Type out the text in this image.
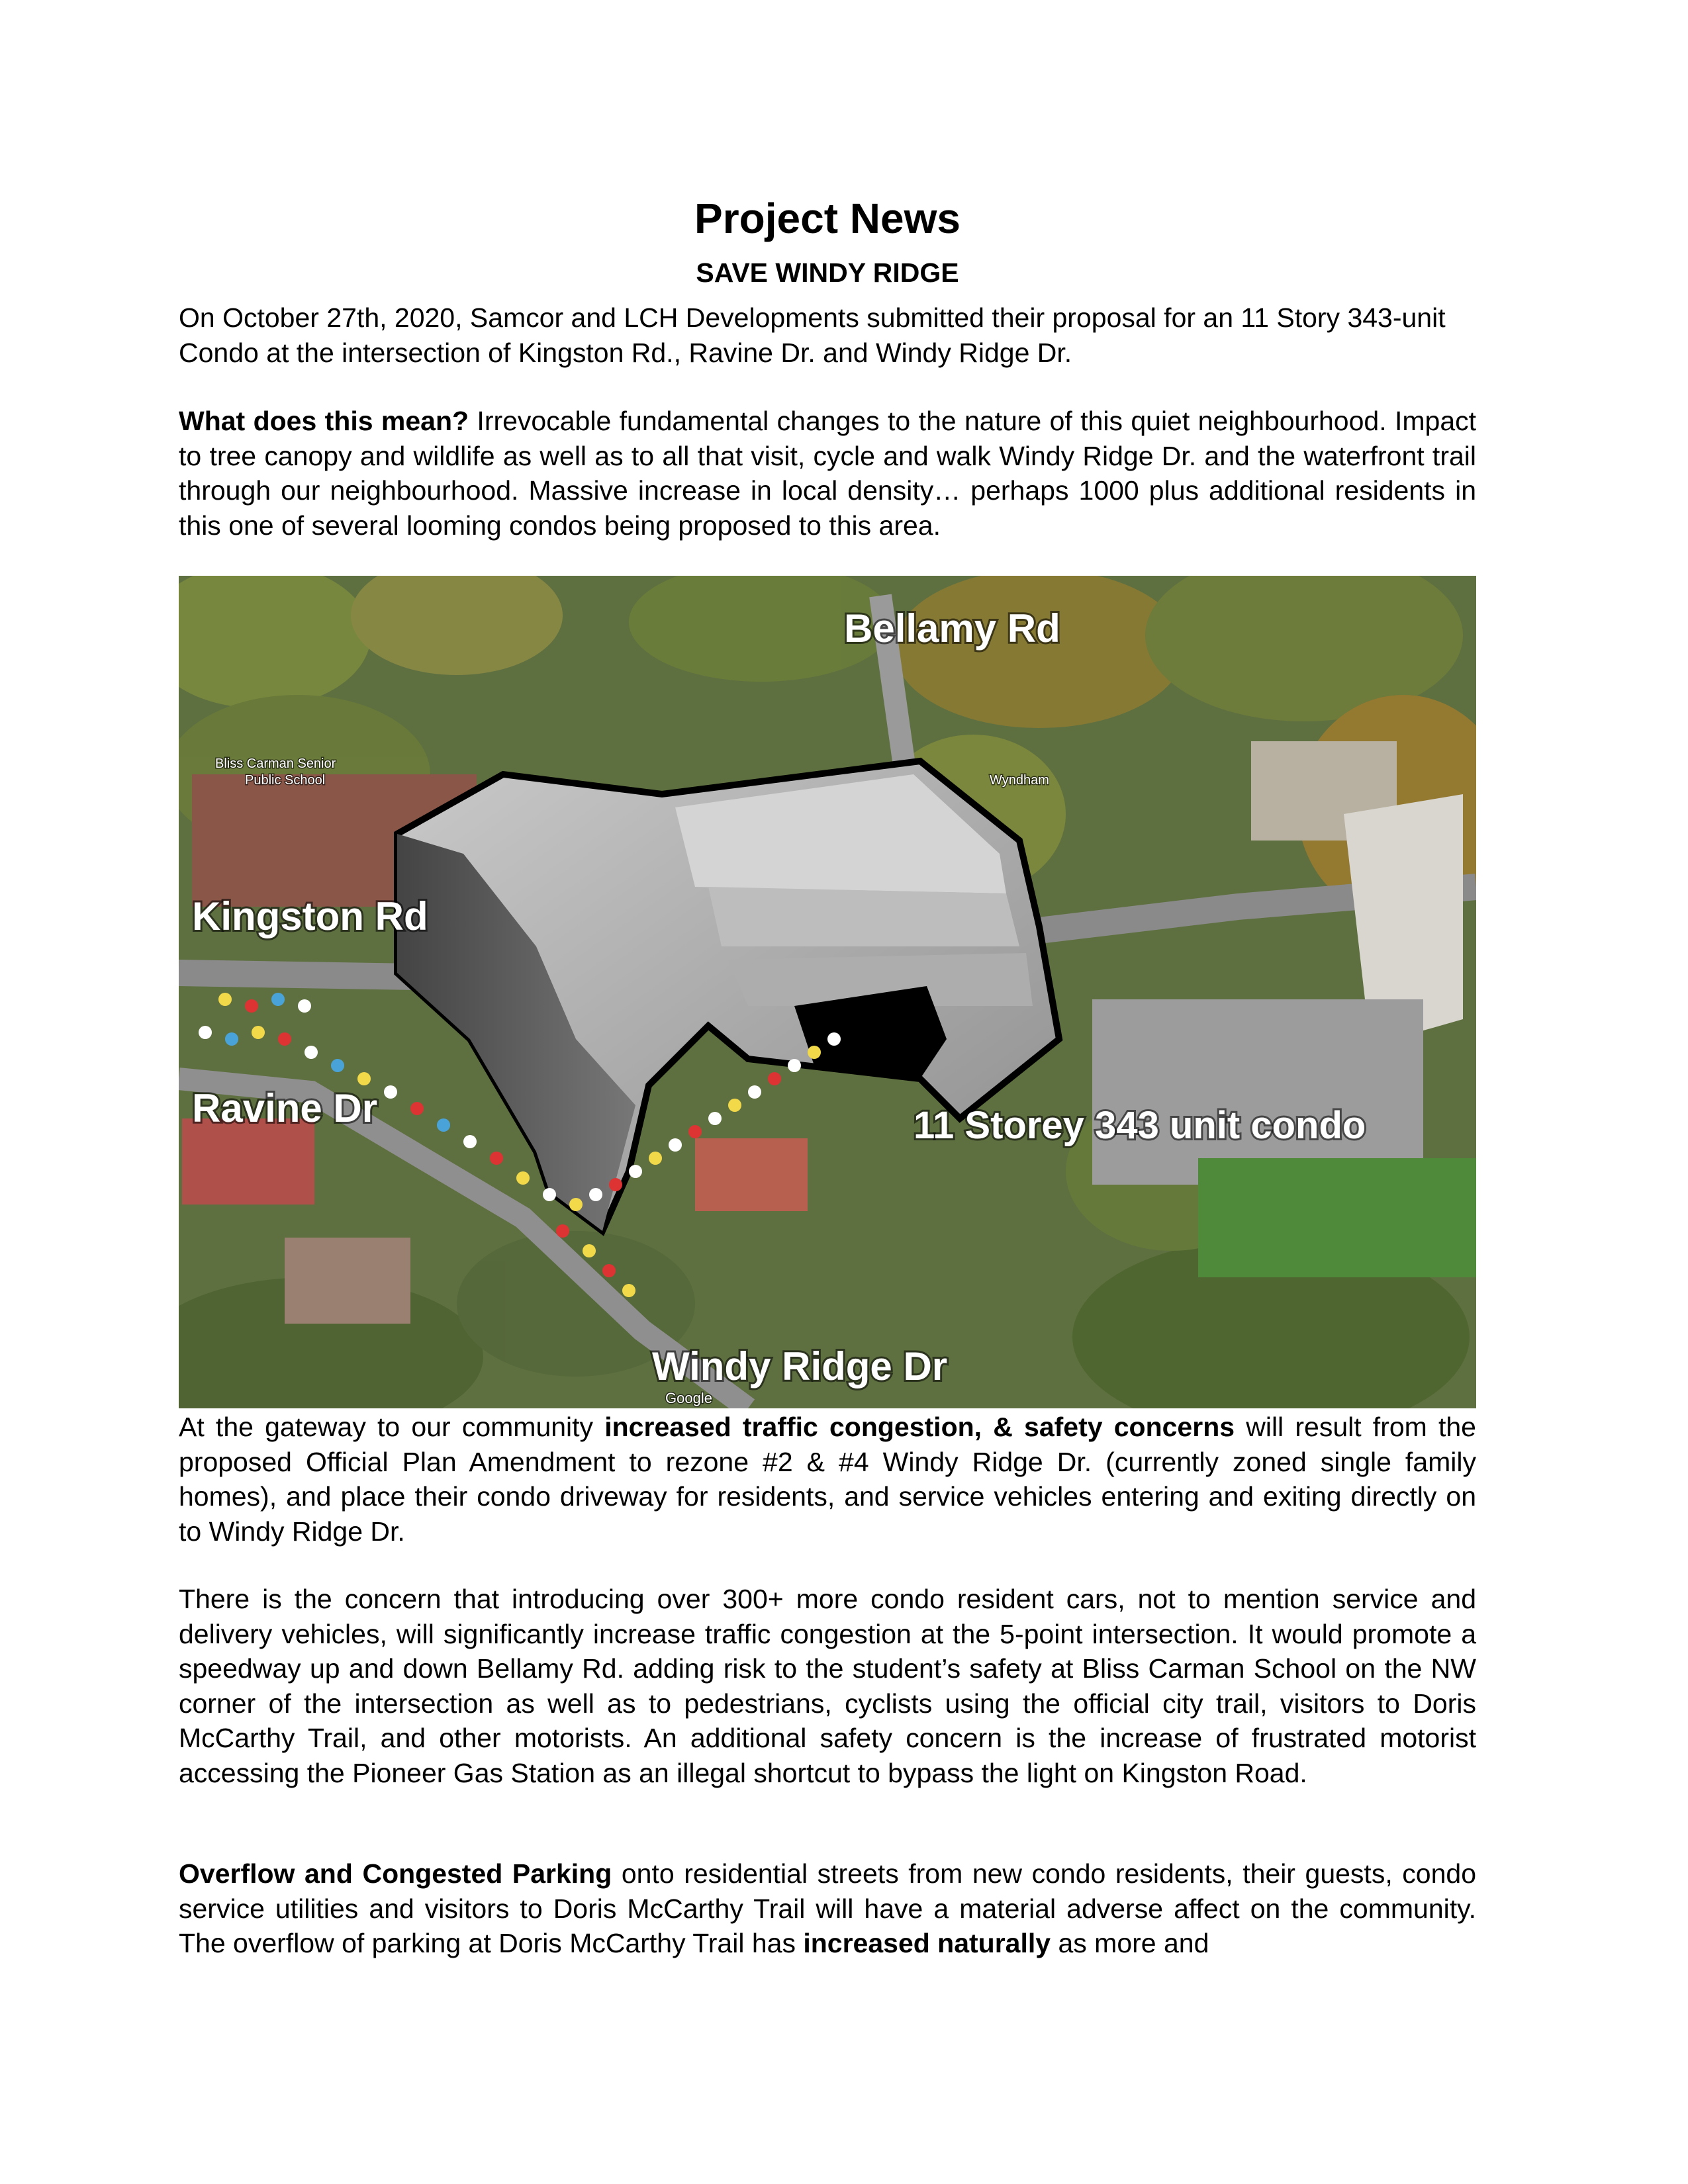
Project News
SAVE WINDY RIDGE
On October 27th, 2020, Samcor and LCH Developments submitted their proposal for an 11 Story 343-unit Condo at the intersection of Kingston Rd., Ravine Dr. and Windy Ridge Dr.
What does this mean? Irrevocable fundamental changes to the nature of this quiet neighbourhood. Impact to tree canopy and wildlife as well as to all that visit, cycle and walk Windy Ridge Dr. and the waterfront trail through our neighbourhood. Massive increase in local density… perhaps 1000 plus additional residents in this one of several looming condos being proposed to this area.
Bellamy Rd
Kingston Rd
Ravine Dr	11 Storey 343 unit condo
Windy Ridge Dr
Bliss Carman Senior
Public School	Wyndham
Google
At the gateway to our community increased traffic congestion, & safety concerns will result from the proposed Official Plan Amendment to rezone #2 & #4 Windy Ridge Dr. (currently zoned single family homes), and place their condo driveway for residents, and service vehicles entering and exiting directly on to Windy Ridge Dr.
There is the concern that introducing over 300+ more condo resident cars, not to mention service and delivery vehicles, will significantly increase traffic congestion at the 5-point intersection. It would promote a speedway up and down Bellamy Rd. adding risk to the student’s safety at Bliss Carman School on the NW corner of the intersection as well as to pedestrians, cyclists using the official city trail, visitors to Doris McCarthy Trail, and other motorists. An additional safety concern is the increase of frustrated motorist accessing the Pioneer Gas Station as an illegal shortcut to bypass the light on Kingston Road.
Overflow and Congested Parking onto residential streets from new condo residents, their guests, condo service utilities and visitors to Doris McCarthy Trail will have a material adverse affect on the community. The overflow of parking at Doris McCarthy Trail has increased naturally as more and
